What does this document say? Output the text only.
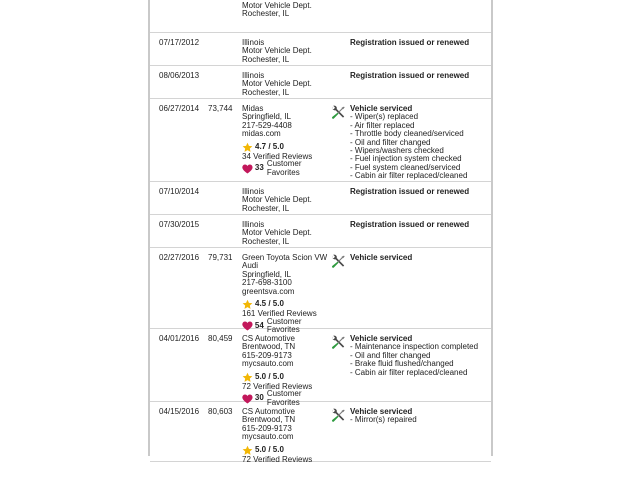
Motor Vehicle Dept.
Rochester, IL
07/17/2012	Illinois
Motor Vehicle Dept.
Rochester, IL
Registration issued or renewed
08/06/2013	Illinois
Motor Vehicle Dept.
Rochester, IL
Registration issued or renewed
06/27/2014 73,744 Midas
Springfield, IL
217-529-4408
midas.com
4.7 / 5.0
34 Verified Reviews
33 Customer Favorites
Vehicle serviced
- Wiper(s) replaced
- Air filter replaced
- Throttle body cleaned/serviced
- Oil and filter changed
- Wipers/washers checked
- Fuel injection system checked
- Fuel system cleaned/serviced
- Cabin air filter replaced/cleaned
07/10/2014	Illinois
Motor Vehicle Dept.
Rochester, IL
Registration issued or renewed
07/30/2015	Illinois
Motor Vehicle Dept.
Rochester, IL
Registration issued or renewed
02/27/2016 79,731 Green Toyota Scion VW
Audi
Springfield, IL
217-698-3100
greentsva.com
4.5 / 5.0
161 Verified Reviews
54 Customer Favorites
Vehicle serviced
04/01/2016 80,459 CS Automotive
Brentwood, TN
615-209-9173
mycsauto.com
5.0 / 5.0
72 Verified Reviews
30 Customer Favorites
Vehicle serviced
- Maintenance inspection completed
- Oil and filter changed
- Brake fluid flushed/changed
- Cabin air filter replaced/cleaned
04/15/2016 80,603 CS Automotive
Brentwood, TN
615-209-9173
mycsauto.com
5.0 / 5.0
72 Verified Reviews
Vehicle serviced
- Mirror(s) repaired
